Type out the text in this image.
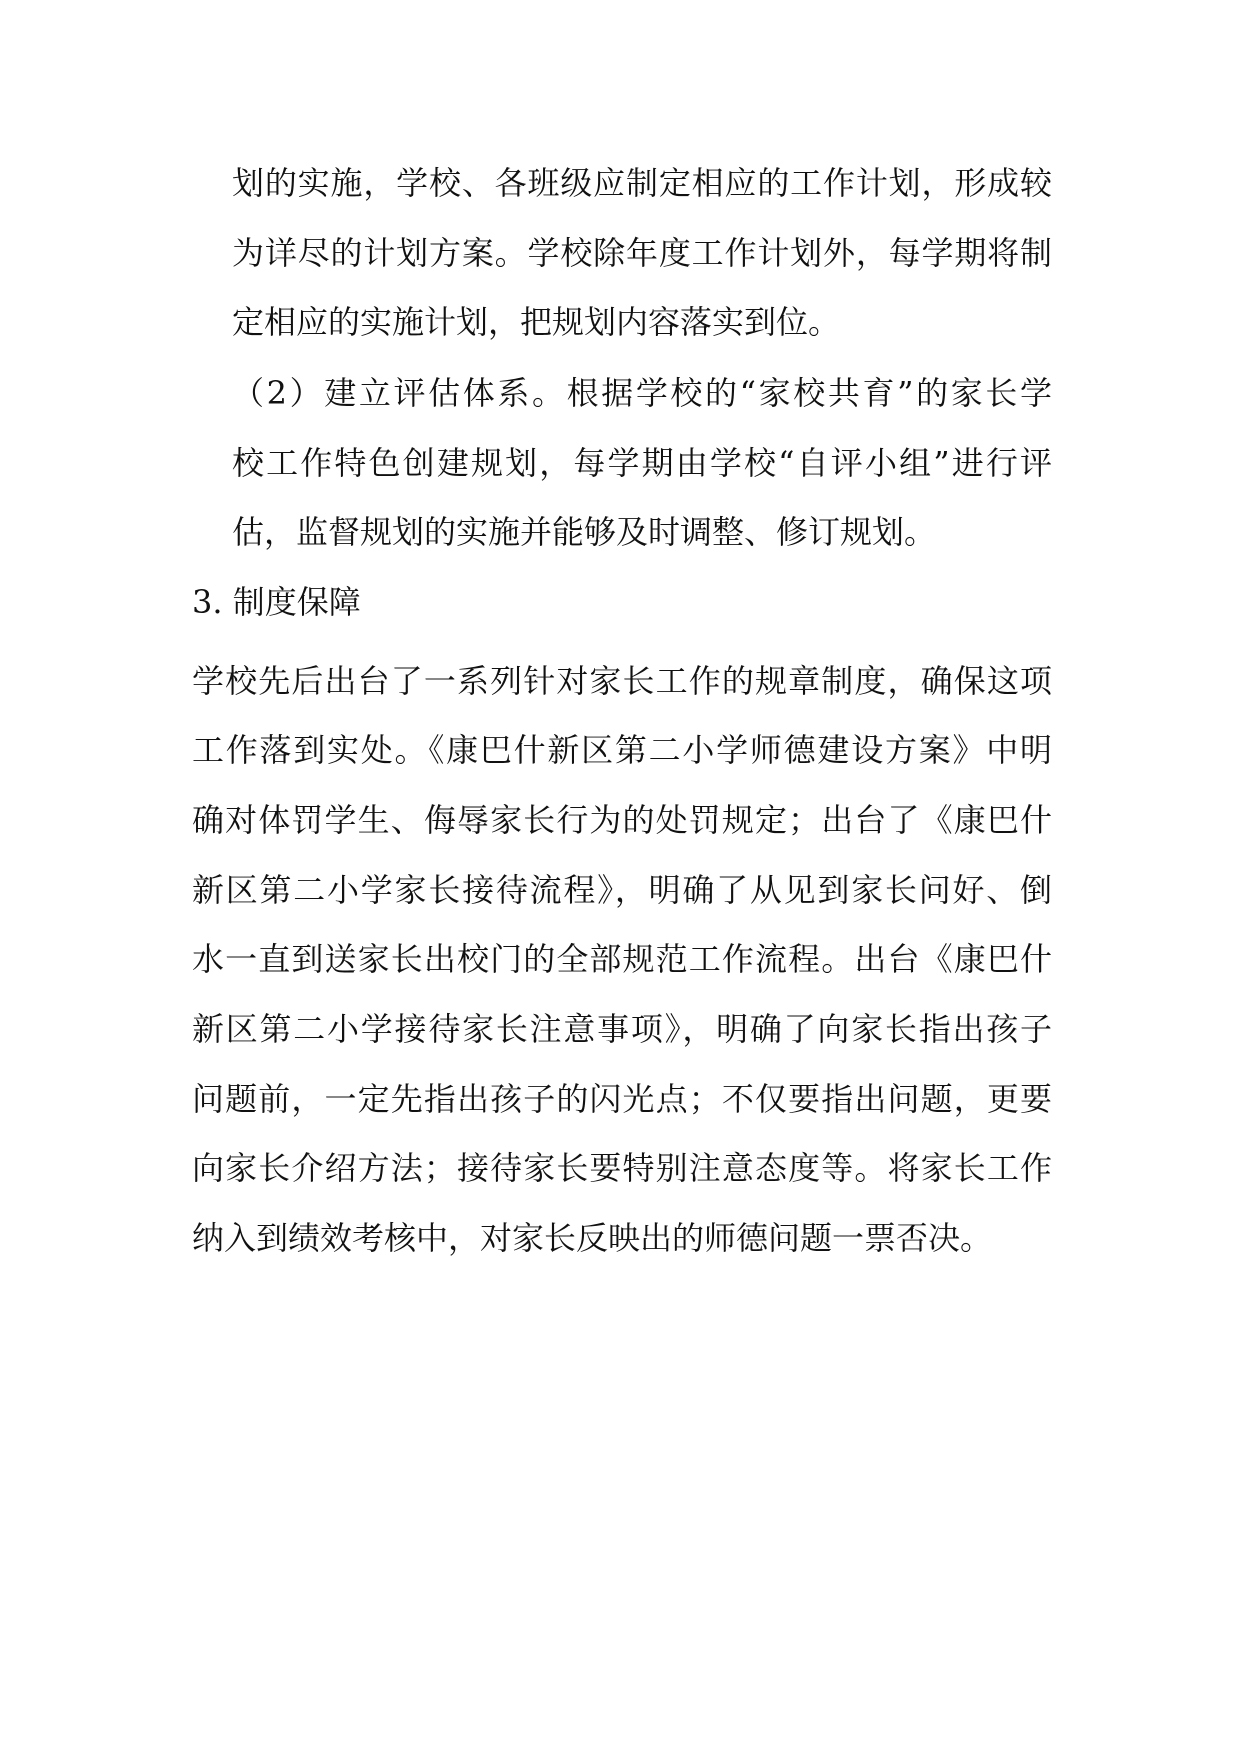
划的实施，学校、各班级应制定相应的工作计划，形成较
为详尽的计划方案。学校除年度工作计划外，每学期将制
定相应的实施计划，把规划内容落实到位。
（2）建立评估体系。根据学校的“家校共育”的家长学
校工作特色创建规划，每学期由学校“自评小组”进行评
估，监督规划的实施并能够及时调整、修订规划。
3. 制度保障
学校先后出台了一系列针对家长工作的规章制度，确保这项
工作落到实处。《康巴什新区第二小学师德建设方案》中明
确对体罚学生、侮辱家长行为的处罚规定；出台了《康巴什
新区第二小学家长接待流程》，明确了从见到家长问好、倒
水一直到送家长出校门的全部规范工作流程。出台《康巴什
新区第二小学接待家长注意事项》，明确了向家长指出孩子
问题前，一定先指出孩子的闪光点；不仅要指出问题，更要
向家长介绍方法；接待家长要特别注意态度等。将家长工作
纳入到绩效考核中，对家长反映出的师德问题一票否决。
